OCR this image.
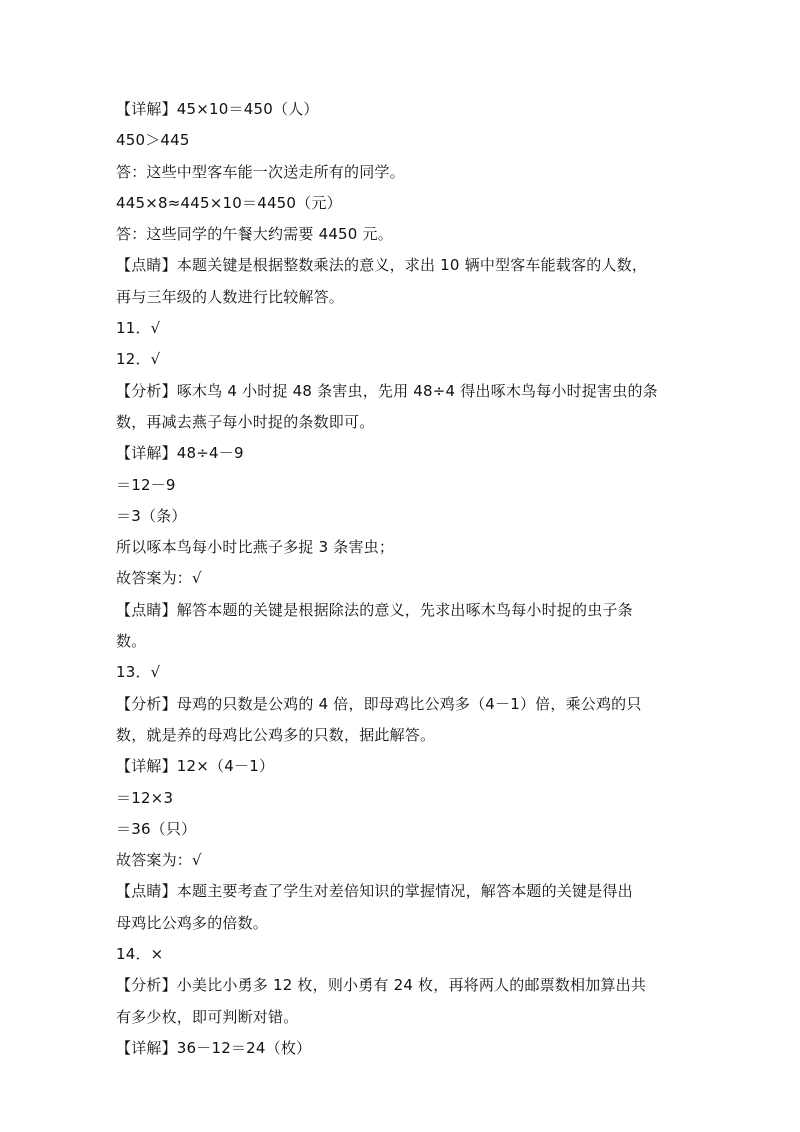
【详解】45×10＝450（人）
450＞445
答：这些中型客车能一次送走所有的同学。
445×8≈445×10＝4450（元）
答：这些同学的午餐大约需要 4450 元。
【点睛】本题关键是根据整数乘法的意义，求出 10 辆中型客车能载客的人数，
再与三年级的人数进行比较解答。
11．√
12．√
【分析】啄木鸟 4 小时捉 48 条害虫，先用 48÷4 得出啄木鸟每小时捉害虫的条
数，再减去燕子每小时捉的条数即可。
【详解】48÷4－9
＝12－9
＝3（条）
所以啄本鸟每小时比燕子多捉 3 条害虫；
故答案为：√
【点睛】解答本题的关键是根据除法的意义，先求出啄木鸟每小时捉的虫子条
数。
13．√
【分析】母鸡的只数是公鸡的 4 倍，即母鸡比公鸡多（4－1）倍，乘公鸡的只
数，就是养的母鸡比公鸡多的只数，据此解答。
【详解】12×（4－1）
＝12×3
＝36（只）
故答案为：√
【点睛】本题主要考查了学生对差倍知识的掌握情况，解答本题的关键是得出
母鸡比公鸡多的倍数。
14．×
【分析】小美比小勇多 12 枚，则小勇有 24 枚，再将两人的邮票数相加算出共
有多少枚，即可判断对错。
【详解】36－12＝24（枚）
